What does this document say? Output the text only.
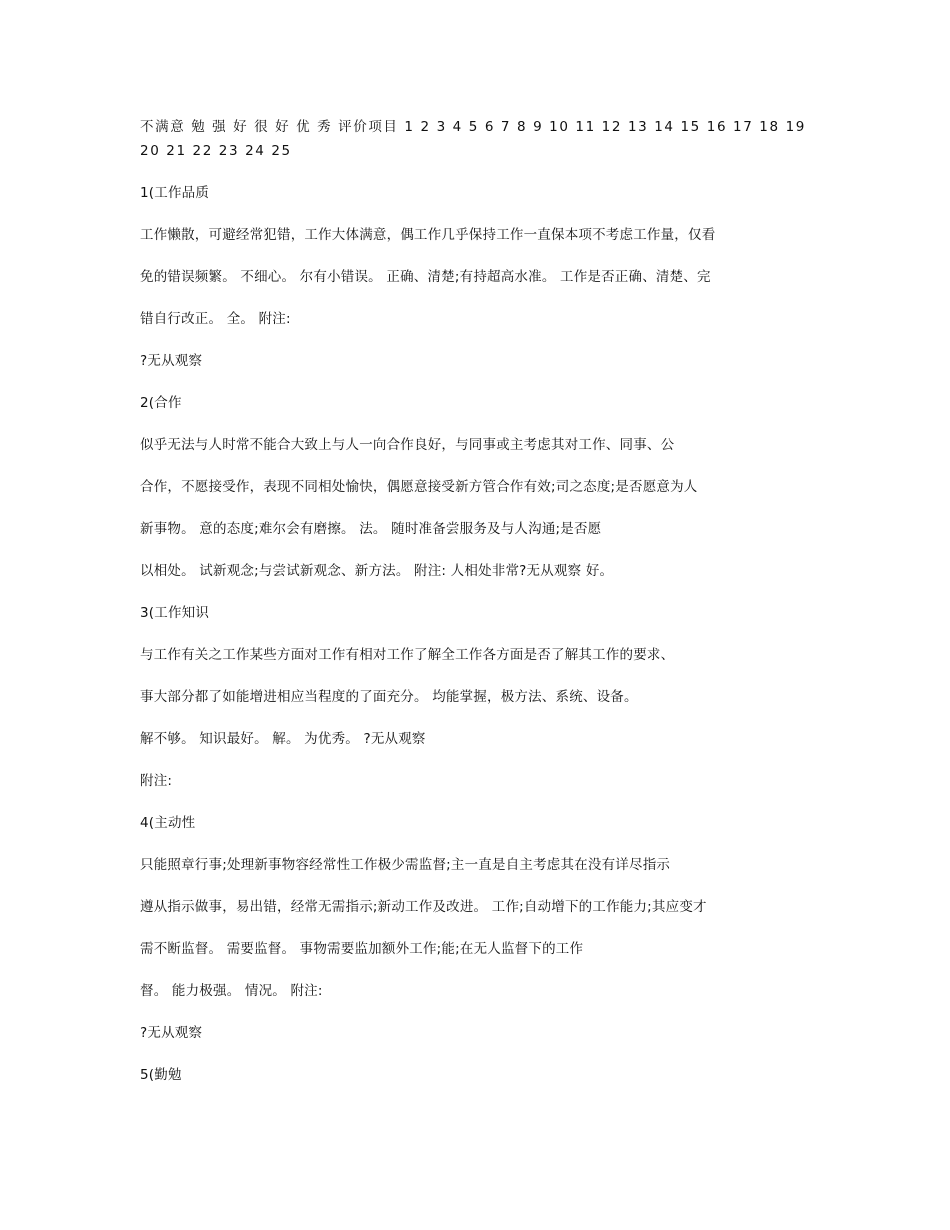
不满意 勉 强 好 很 好 优 秀 评价项目 1 2 3 4 5 6 7 8 9 10 11 12 13 14 15 16 17 18 19

20 21 22 23 24 25

1(工作品质

工作懒散，可避经常犯错，工作大体满意，偶工作几乎保持工作一直保本项不考虑工作量，仅看

免的错误频繁。 不细心。 尔有小错误。 正确、清楚;有持超高水准。 工作是否正确、清楚、完

错自行改正。 全。 附注:

?无从观察

2(合作

似乎无法与人时常不能合大致上与人一向合作良好，与同事或主考虑其对工作、同事、公

合作，不愿接受作，表现不同相处愉快，偶愿意接受新方管合作有效;司之态度;是否愿意为人

新事物。 意的态度;难尔会有磨擦。 法。 随时准备尝服务及与人沟通;是否愿

以相处。 试新观念;与尝试新观念、新方法。 附注: 人相处非常?无从观察 好。

3(工作知识

与工作有关之工作某些方面对工作有相对工作了解全工作各方面是否了解其工作的要求、

事大部分都了如能增进相应当程度的了面充分。 均能掌握，极方法、系统、设备。

解不够。 知识最好。 解。 为优秀。 ?无从观察

附注:

4(主动性

只能照章行事;处理新事物容经常性工作极少需监督;主一直是自主考虑其在没有详尽指示

遵从指示做事，易出错，经常无需指示;新动工作及改进。 工作;自动增下的工作能力;其应变才

需不断监督。 需要监督。 事物需要监加额外工作;能;在无人监督下的工作

督。 能力极强。 情况。 附注:

?无从观察

5(勤勉
